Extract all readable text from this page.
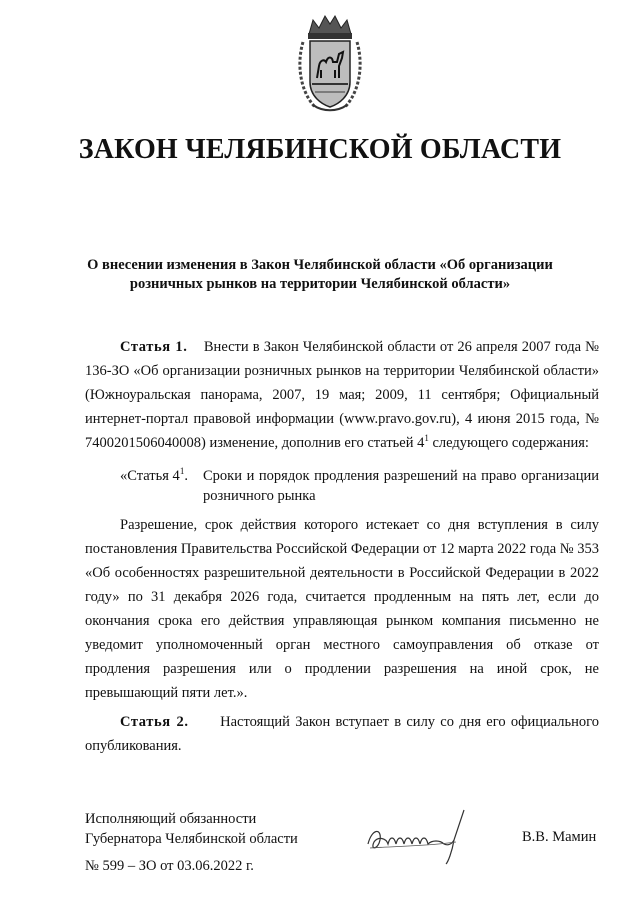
ЗАКОН ЧЕЛЯБИНСКОЙ ОБЛАСТИ
О внесении изменения в Закон Челябинской области «Об организации
розничных рынков на территории Челябинской области»
Статья 1. Внести в Закон Челябинской области от 26 апреля 2007 года № 136-ЗО «Об организации розничных рынков на территории Челябинской области» (Южноуральская панорама, 2007, 19 мая; 2009, 11 сентября; Официальный интернет-портал правовой информации (www.pravo.gov.ru), 4 июня 2015 года, № 7400201506040008) изменение, дополнив его статьей $4^1$ следующего содержания:
«Статья $4^1$. Сроки и порядок продления разрешений на право организации розничного рынка
Разрешение, срок действия которого истекает со дня вступления в силу постановления Правительства Российской Федерации от 12 марта 2022 года № 353 «Об особенностях разрешительной деятельности в Российской Федерации в 2022 году» по 31 декабря 2026 года, считается продленным на пять лет, если до окончания срока его действия управляющая рынком компания письменно не уведомит уполномоченный орган местного самоуправления об отказе от продления разрешения или о продлении разрешения на иной срок, не превышающий пяти лет.».
Статья 2. Настоящий Закон вступает в силу со дня его официального опубликования.
Исполняющий обязанности
Губернатора Челябинской области	В.В. Мамин
№ 599 – ЗО от 03.06.2022 г.
